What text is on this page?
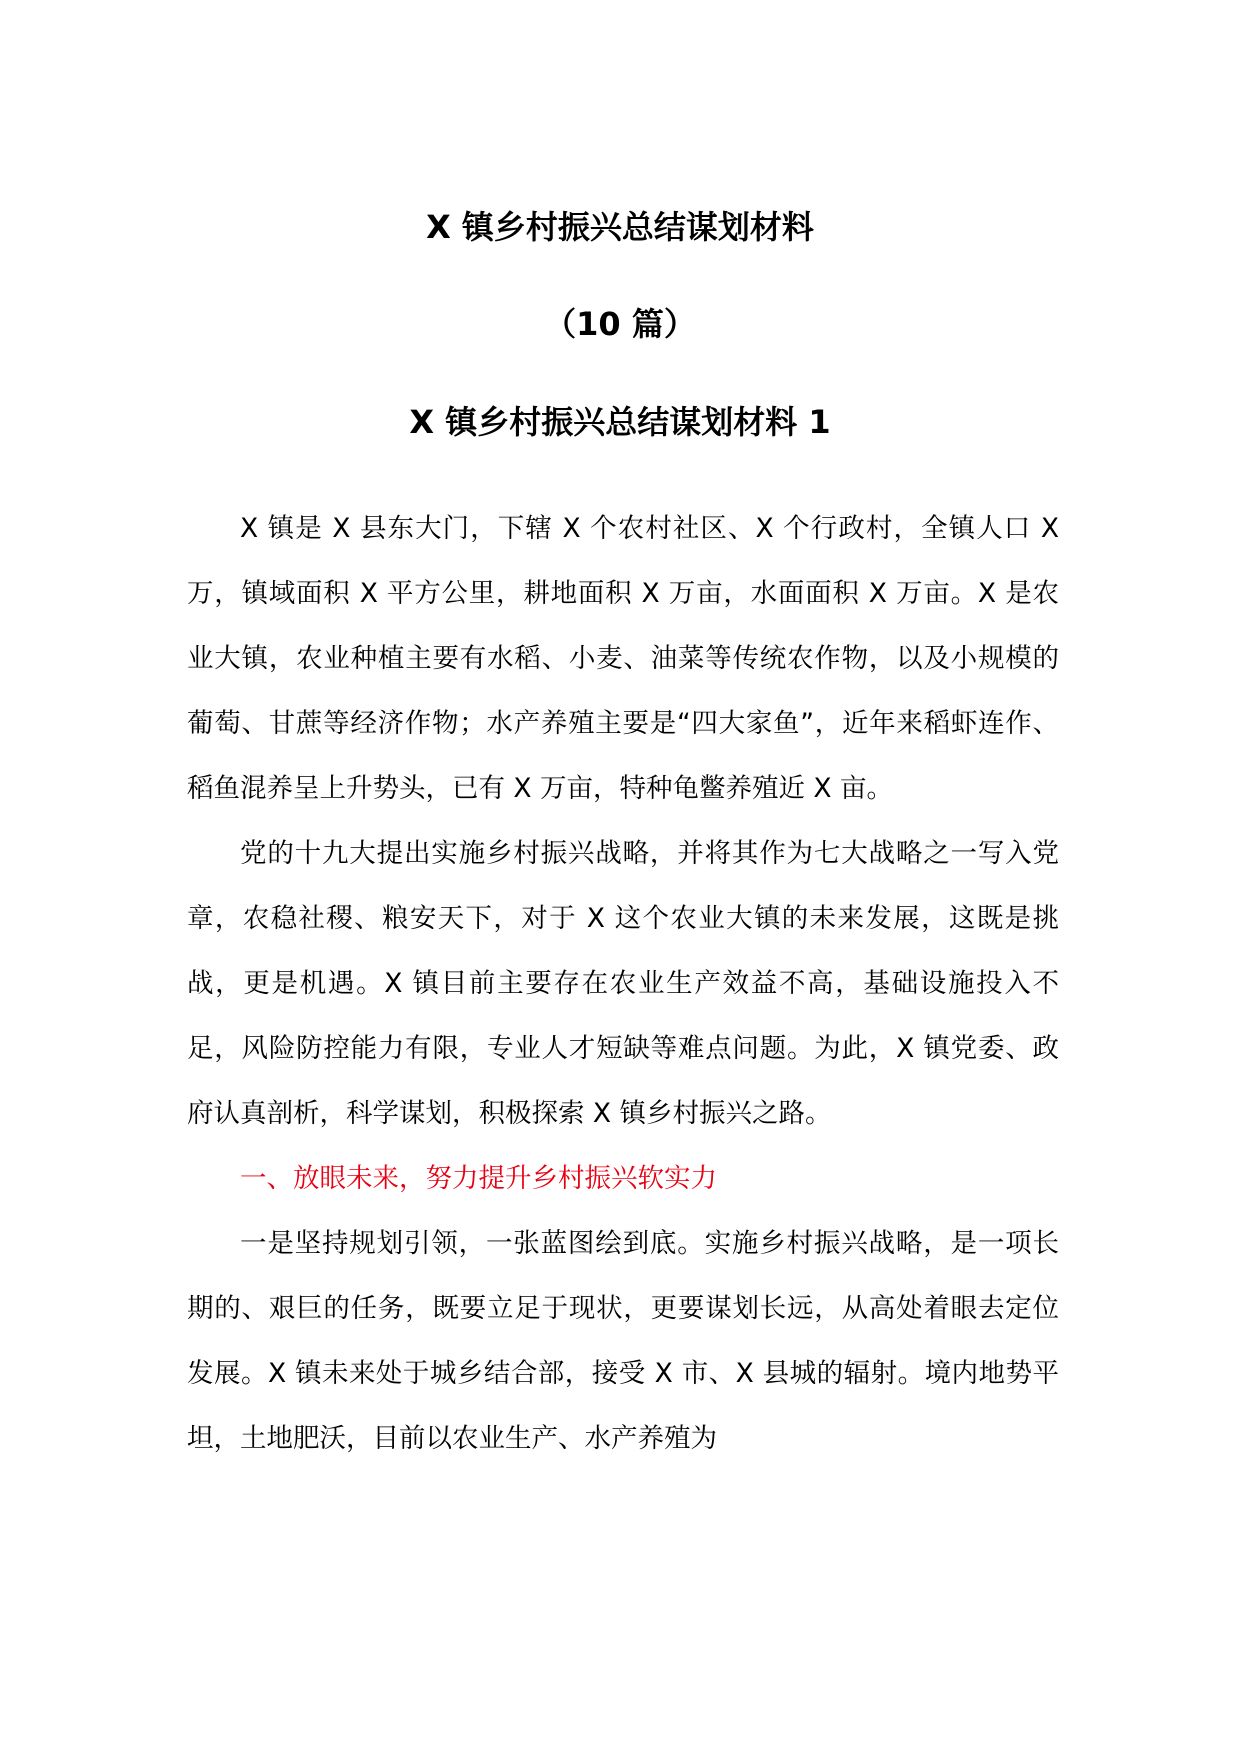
X 镇乡村振兴总结谋划材料
（10 篇）
X 镇乡村振兴总结谋划材料 1

X 镇是 X 县东大门，下辖 X 个农村社区、X 个行政村，全镇人口 X 万，镇域面积 X 平方公里，耕地面积 X 万亩，水面面积 X 万亩。X 是农业大镇，农业种植主要有水稻、小麦、油菜等传统农作物，以及小规模的葡萄、甘蔗等经济作物；水产养殖主要是“四大家鱼”，近年来稻虾连作、稻鱼混养呈上升势头，已有 X 万亩，特种龟鳖养殖近 X 亩。

党的十九大提出实施乡村振兴战略，并将其作为七大战略之一写入党章，农稳社稷、粮安天下，对于 X 这个农业大镇的未来发展，这既是挑战，更是机遇。X 镇目前主要存在农业生产效益不高，基础设施投入不足，风险防控能力有限，专业人才短缺等难点问题。为此，X 镇党委、政府认真剖析，科学谋划，积极探索 X 镇乡村振兴之路。

一、放眼未来，努力提升乡村振兴软实力

一是坚持规划引领，一张蓝图绘到底。实施乡村振兴战略，是一项长期的、艰巨的任务，既要立足于现状，更要谋划长远，从高处着眼去定位发展。X 镇未来处于城乡结合部，接受 X 市、X 县城的辐射。境内地势平坦，土地肥沃，目前以农业生产、水产养殖为
